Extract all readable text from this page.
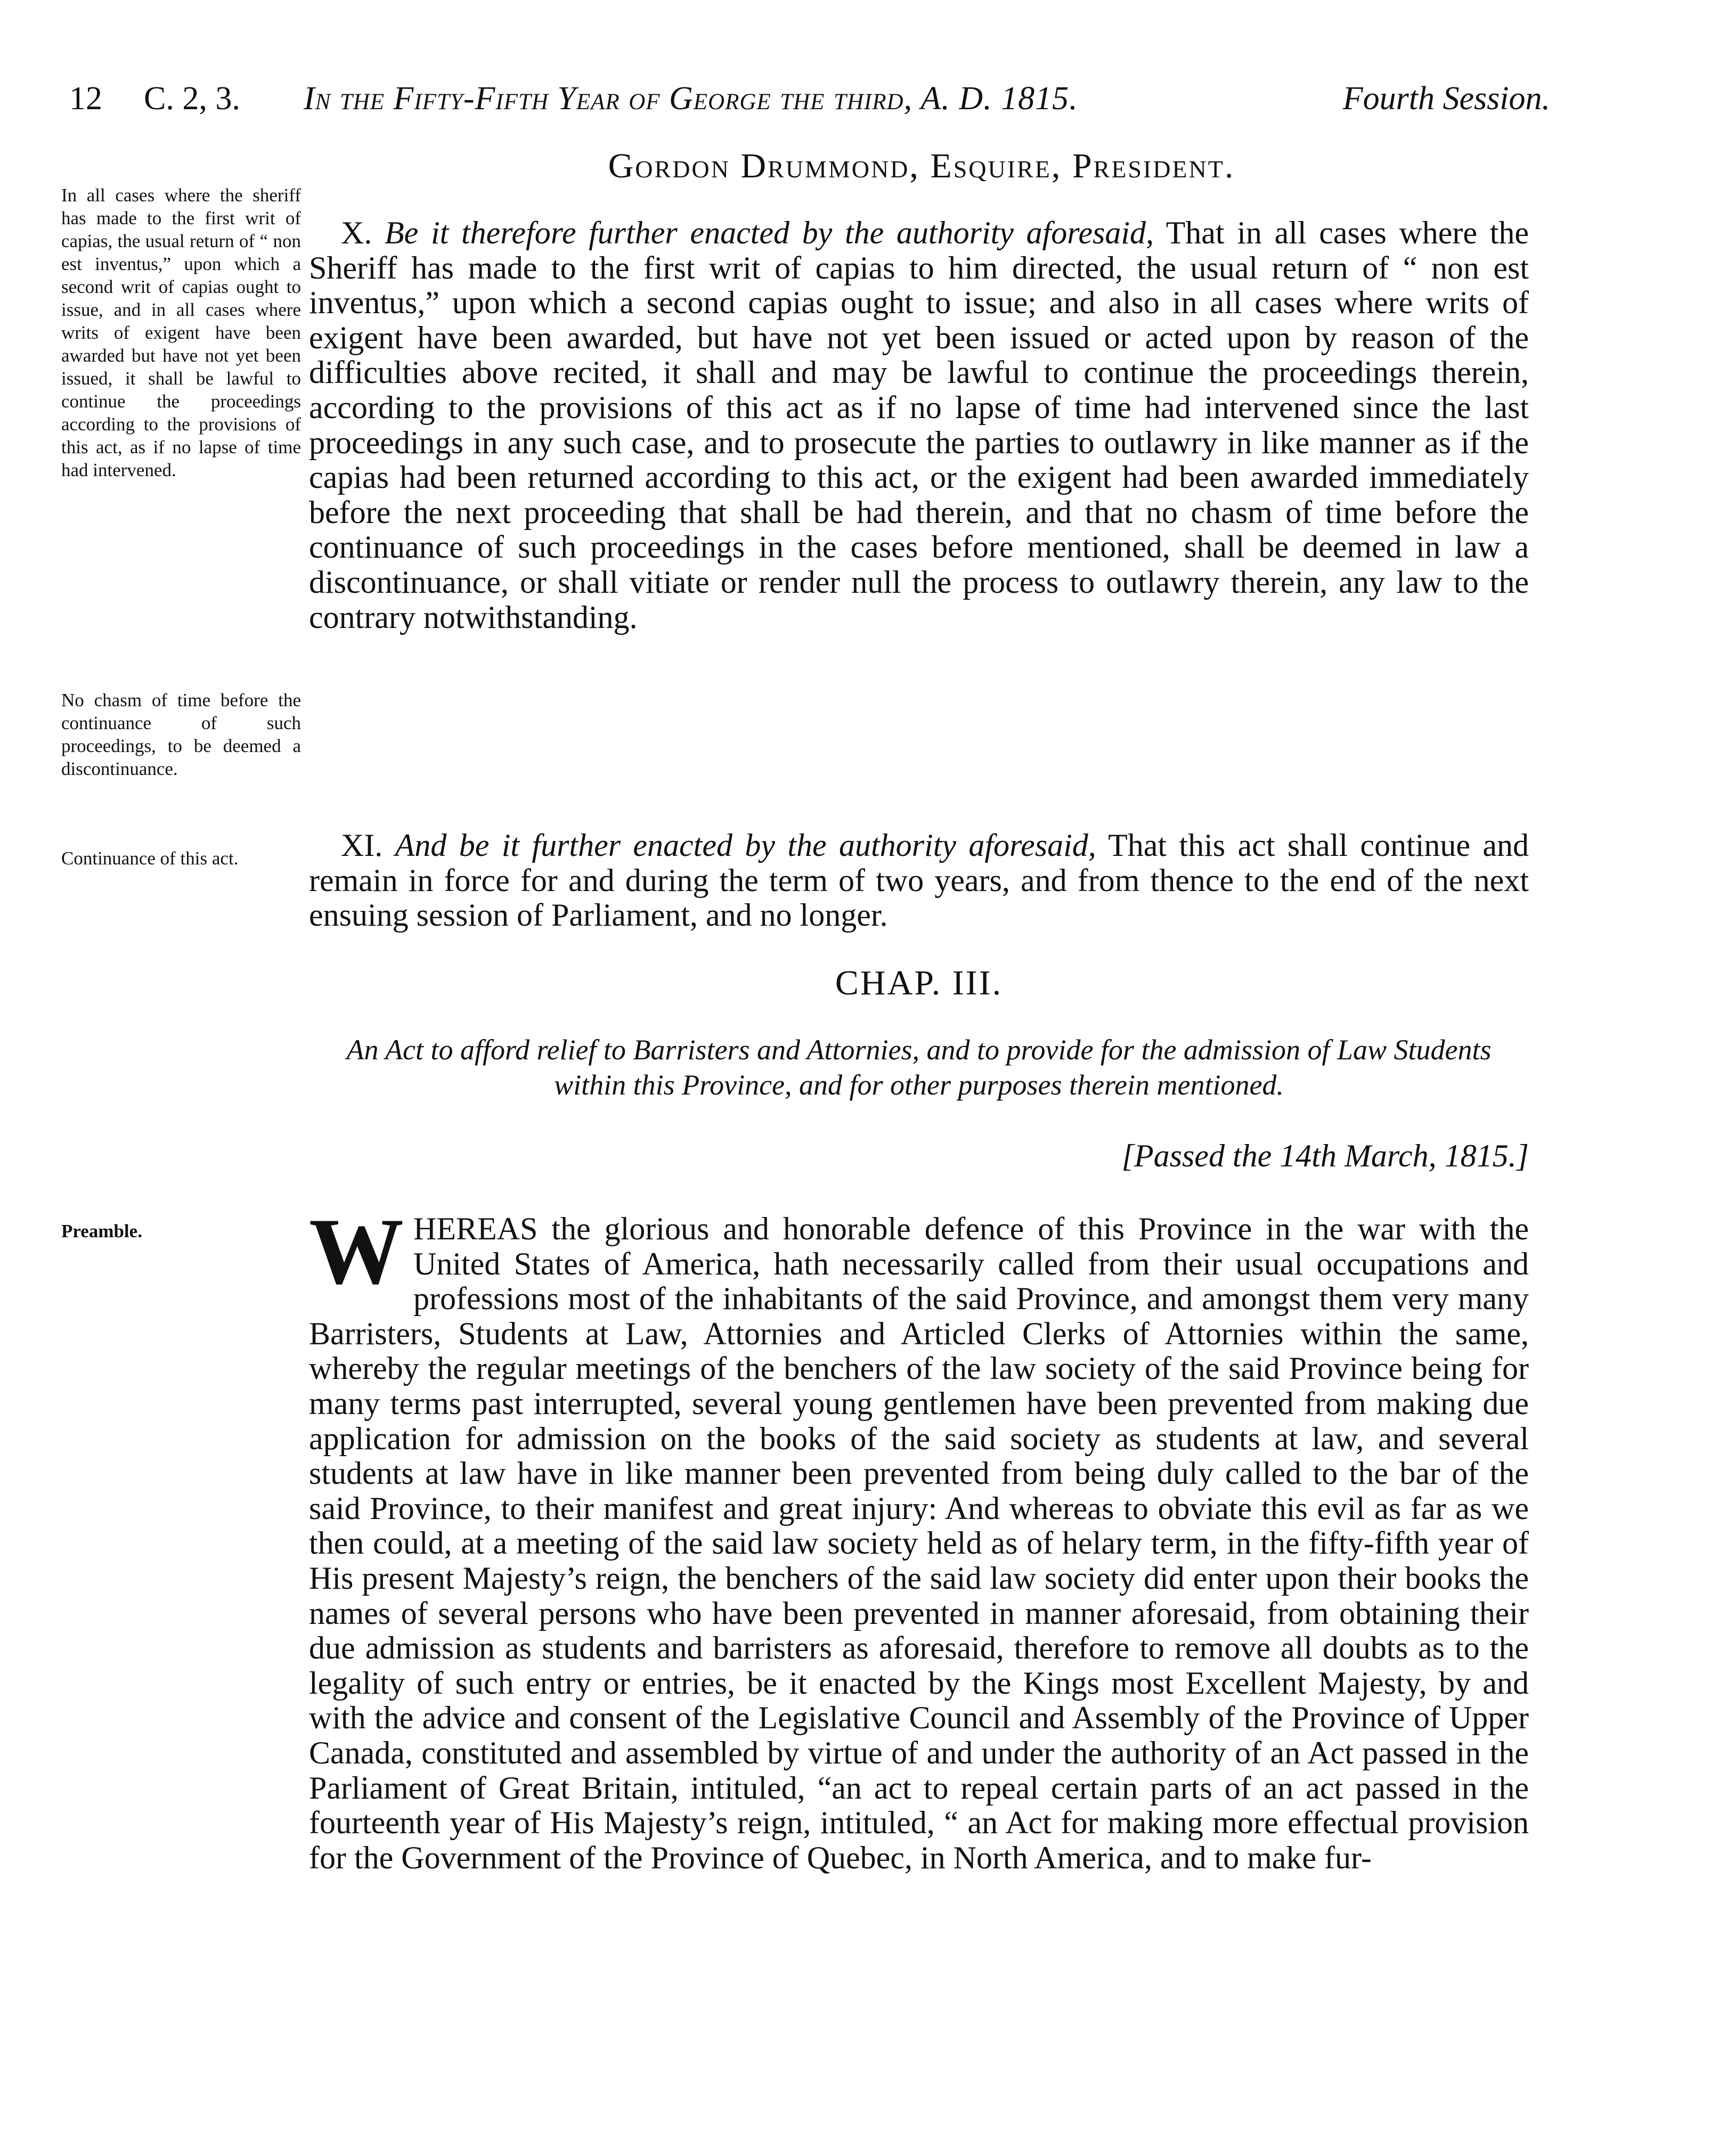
12 C. 2, 3. In the Fifty-Fifth Year of George the third, A. D. 1815.	Fourth Session.
Gordon Drummond, Esquire, President.
In all cases where the sheriff has made to the first writ of capias, the usual return of “ non est inventus,” upon which a second writ of capias ought to issue, and in all cases where writs of exigent have been awarded but have not yet been issued, it shall be lawful to continue the proceedings according to the provisions of this act, as if no lapse of time had intervened.
No chasm of time before the continuance of such proceedings, to be deemed a discontinuance.
Continuance of this act.
Preamble.
X. Be it therefore further enacted by the authority aforesaid, That in all cases where the Sheriff has made to the first writ of capias to him directed, the usual return of “ non est inventus,” upon which a second capias ought to issue; and also in all cases where writs of exigent have been awarded, but have not yet been issued or acted upon by reason of the difficulties above recited, it shall and may be lawful to continue the proceedings therein, according to the provisions of this act as if no lapse of time had intervened since the last proceedings in any such case, and to prosecute the parties to outlawry in like manner as if the capias had been returned according to this act, or the exigent had been awarded immediately before the next proceeding that shall be had therein, and that no chasm of time before the continuance of such proceedings in the cases before mentioned, shall be deemed in law a discontinuance, or shall vitiate or render null the process to outlawry therein, any law to the contrary notwithstanding.
XI. And be it further enacted by the authority aforesaid, That this act shall continue and remain in force for and during the term of two years, and from thence to the end of the next ensuing session of Parliament, and no longer.
CHAP. III.
An Act to afford relief to Barristers and Attornies, and to provide for the admission of Law Students within this Province, and for other purposes therein mentioned.
[Passed the 14th March, 1815.]
W HEREAS the glorious and honorable defence of this Province in the war with the United States of America, hath necessarily called from their usual occupations and professions most of the inhabitants of the said Province, and amongst them very many Barristers, Students at Law, Attornies and Articled Clerks of Attornies within the same, whereby the regular meetings of the benchers of the law society of the said Province being for many terms past interrupted, several young gentlemen have been prevented from making due application for admission on the books of the said society as students at law, and several students at law have in like manner been prevented from being duly called to the bar of the said Province, to their manifest and great injury: And whereas to obviate this evil as far as we then could, at a meeting of the said law society held as of helary term, in the fifty-fifth year of His present Majesty’s reign, the benchers of the said law society did enter upon their books the names of several persons who have been prevented in manner aforesaid, from obtaining their due admission as students and barristers as aforesaid, therefore to remove all doubts as to the legality of such entry or entries, be it enacted by the Kings most Excellent Majesty, by and with the advice and consent of the Legislative Council and Assembly of the Province of Upper Canada, constituted and assembled by virtue of and under the authority of an Act passed in the Parliament of Great Britain, intituled, “an act to repeal certain parts of an act passed in the fourteenth year of His Majesty’s reign, intituled, “ an Act for making more effectual provision for the Government of the Province of Quebec, in North America, and to make fur-
